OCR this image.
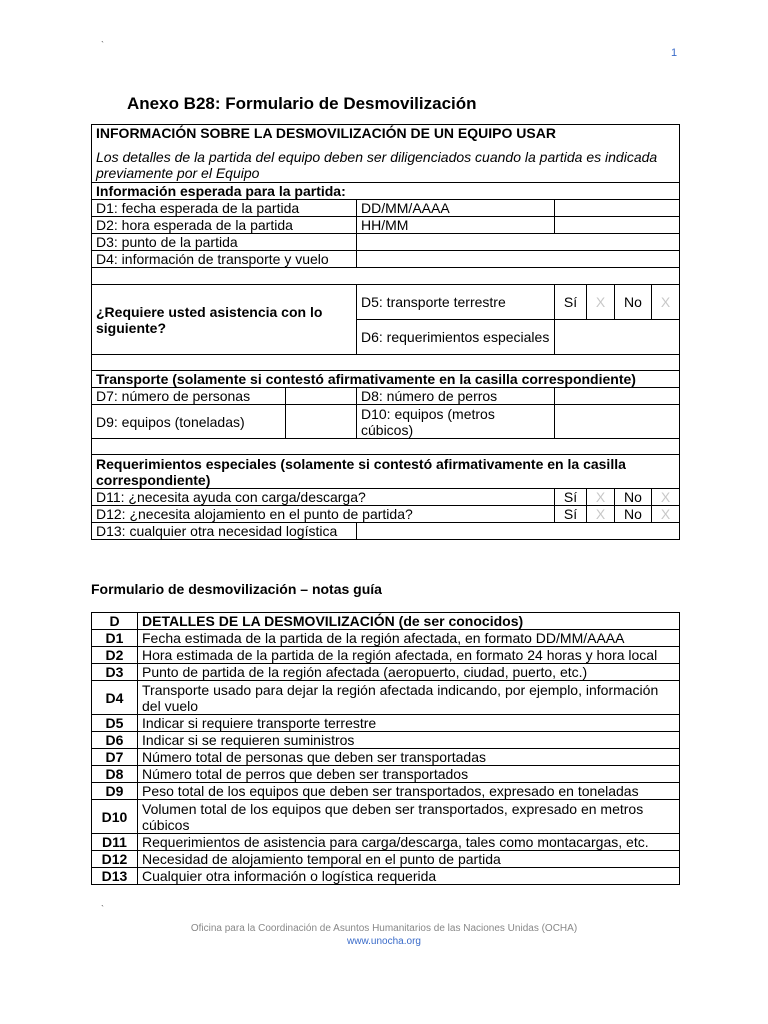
`
1
Anexo B28: Formulario de Desmovilización
INFORMACIÓN SOBRE LA DESMOVILIZACIÓN DE UN EQUIPO USAR						

Los detalles de la partida del equipo deben ser diligenciados cuando la partida es indicada previamente por el Equipo						
Información esperada para la partida:						
D1: fecha esperada de la partida		DD/MM/AAAA				
D2: hora esperada de la partida		HH/MM				
D3: punto de la partida						
D4: información de transporte y vuelo						

¿Requiere usted asistencia con lo siguiente?		D5: transporte terrestre	Sí	X	No	X
		D6: requerimientos especiales				

Transporte (solamente si contestó afirmativamente en la casilla correspondiente)						
D7: número de personas		D8: número de perros				
D9: equipos (toneladas)		D10: equipos (metros cúbicos)				

Requerimientos especiales (solamente si contestó afirmativamente en la casilla correspondiente)						
D11: ¿necesita ayuda con carga/descarga?			Sí	X	No	X
D12: ¿necesita alojamiento en el punto de partida?			Sí	X	No	X
D13: cualquier otra necesidad logística						
Formulario de desmovilización – notas guía
D	DETALLES DE LA DESMOVILIZACIÓN (de ser conocidos)
D1	Fecha estimada de la partida de la región afectada, en formato DD/MM/AAAA
D2	Hora estimada de la partida de la región afectada, en formato 24 horas y hora local
D3	Punto de partida de la región afectada (aeropuerto, ciudad, puerto, etc.)
D4	Transporte usado para dejar la región afectada indicando, por ejemplo, información del vuelo
D5	Indicar si requiere transporte terrestre
D6	Indicar si se requieren suministros
D7	Número total de personas que deben ser transportadas
D8	Número total de perros que deben ser transportados
D9	Peso total de los equipos que deben ser transportados, expresado en toneladas
D10	Volumen total de los equipos que deben ser transportados, expresado en metros cúbicos
D11	Requerimientos de asistencia para carga/descarga, tales como montacargas, etc.
D12	Necesidad de alojamiento temporal en el punto de partida
D13	Cualquier otra información o logística requerida
`
Oficina para la Coordinación de Asuntos Humanitarios de las Naciones Unidas (OCHA)
www.unocha.org
